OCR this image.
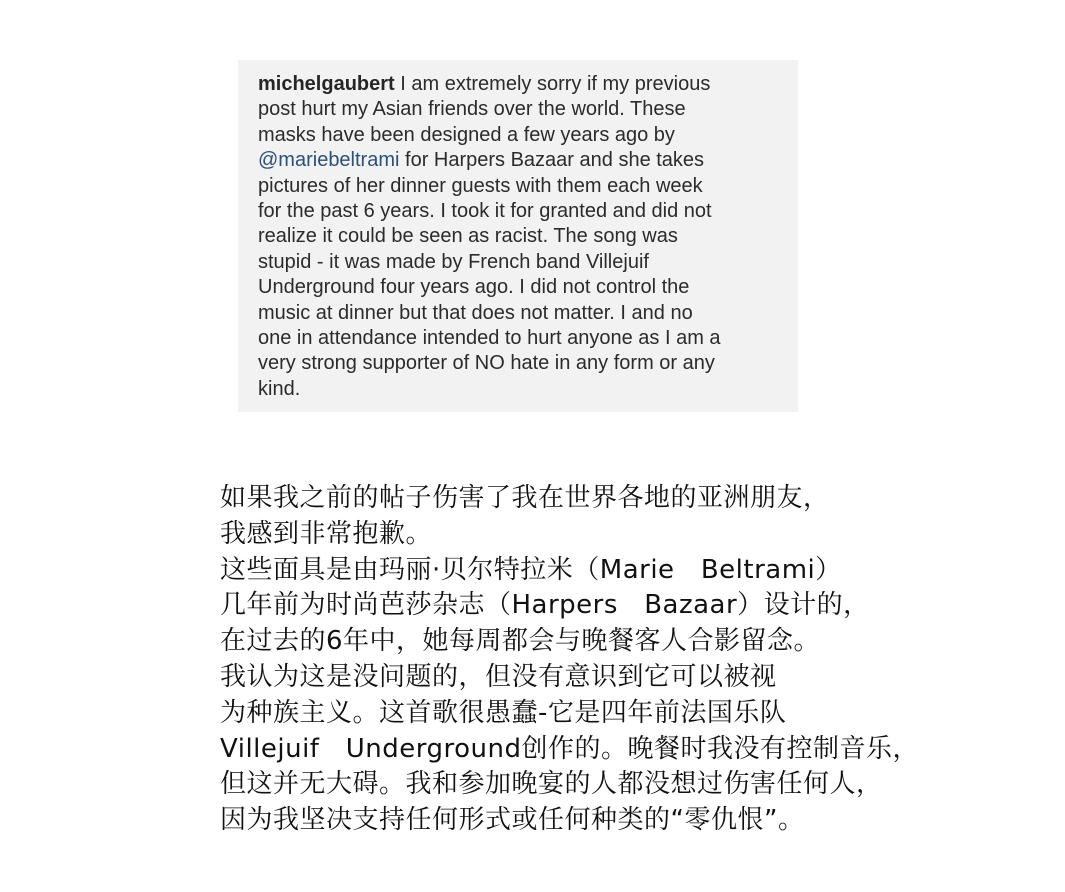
michelgaubert I am extremely sorry if my previous
post hurt my Asian friends over the world. These
masks have been designed a few years ago by
@mariebeltrami for Harpers Bazaar and she takes
pictures of her dinner guests with them each week
for the past 6 years. I took it for granted and did not
realize it could be seen as racist. The song was
stupid - it was made by French band Villejuif
Underground four years ago. I did not control the
music at dinner but that does not matter. I and no
one in attendance intended to hurt anyone as I am a
very strong supporter of NO hate in any form or any
kind.

如果我之前的帖子伤害了我在世界各地的亚洲朋友，
我感到非常抱歉。
这些面具是由玛丽·贝尔特拉米（Marie   Beltrami）
几年前为时尚芭莎杂志（Harpers   Bazaar）设计的，
在过去的6年中，她每周都会与晚餐客人合影留念。
我认为这是没问题的，但没有意识到它可以被视
为种族主义。这首歌很愚蠢-它是四年前法国乐队
Villejuif   Underground创作的。晚餐时我没有控制音乐，
但这并无大碍。我和参加晚宴的人都没想过伤害任何人，
因为我坚决支持任何形式或任何种类的“零仇恨”。
